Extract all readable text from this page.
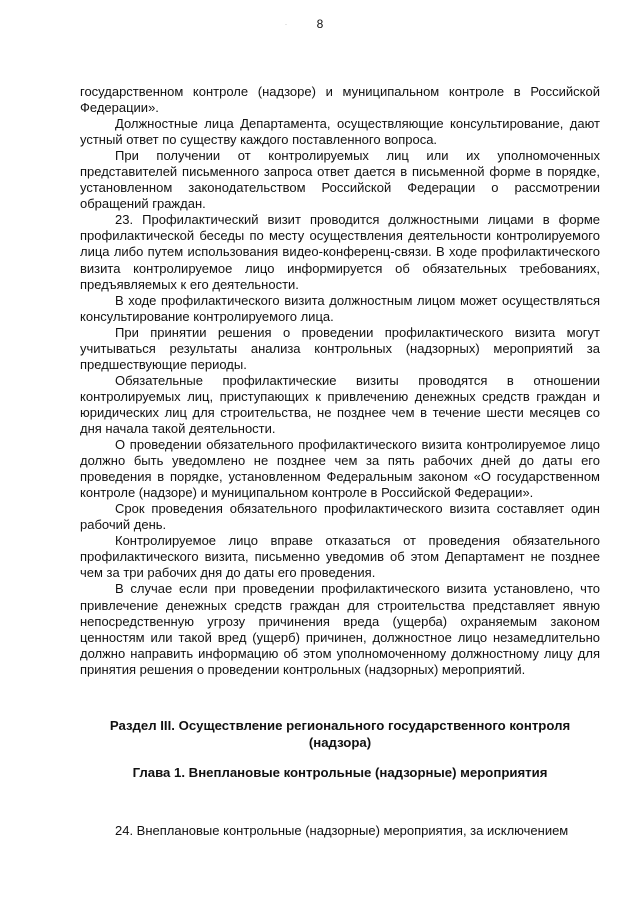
8
·

государственном контроле (надзоре) и муниципальном контроле в Российской Федерации».

Должностные лица Департамента, осуществляющие консультирование, дают устный ответ по существу каждого поставленного вопроса.

При получении от контролируемых лиц или их уполномоченных представителей письменного запроса ответ дается в письменной форме в порядке, установленном законодательством Российской Федерации о рассмотрении обращений граждан.

23. Профилактический визит проводится должностными лицами в форме профилактической беседы по месту осуществления деятельности контролируемого лица либо путем использования видео-конференц-связи. В ходе профилактического визита контролируемое лицо информируется об обязательных требованиях, предъявляемых к его деятельности.

В ходе профилактического визита должностным лицом может осуществляться консультирование контролируемого лица.

При принятии решения о проведении профилактического визита могут учитываться результаты анализа контрольных (надзорных) мероприятий за предшествующие периоды.

Обязательные профилактические визиты проводятся в отношении контролируемых лиц, приступающих к привлечению денежных средств граждан и юридических лиц для строительства, не позднее чем в течение шести месяцев со дня начала такой деятельности.

О проведении обязательного профилактического визита контролируемое лицо должно быть уведомлено не позднее чем за пять рабочих дней до даты его проведения в порядке, установленном Федеральным законом «О государственном контроле (надзоре) и муниципальном контроле в Российской Федерации».

Срок проведения обязательного профилактического визита составляет один рабочий день.

Контролируемое лицо вправе отказаться от проведения обязательного профилактического визита, письменно уведомив об этом Департамент не позднее чем за три рабочих дня до даты его проведения.

В случае если при проведении профилактического визита установлено, что привлечение денежных средств граждан для строительства представляет явную непосредственную угрозу причинения вреда (ущерба) охраняемым законом ценностям или такой вред (ущерб) причинен, должностное лицо незамедлительно должно направить информацию об этом уполномоченному должностному лицу для принятия решения о проведении контрольных (надзорных) мероприятий.

Раздел III. Осуществление регионального государственного контроля (надзора)
Глава 1. Внеплановые контрольные (надзорные) мероприятия
24. Внеплановые контрольные (надзорные) мероприятия, за исключением
